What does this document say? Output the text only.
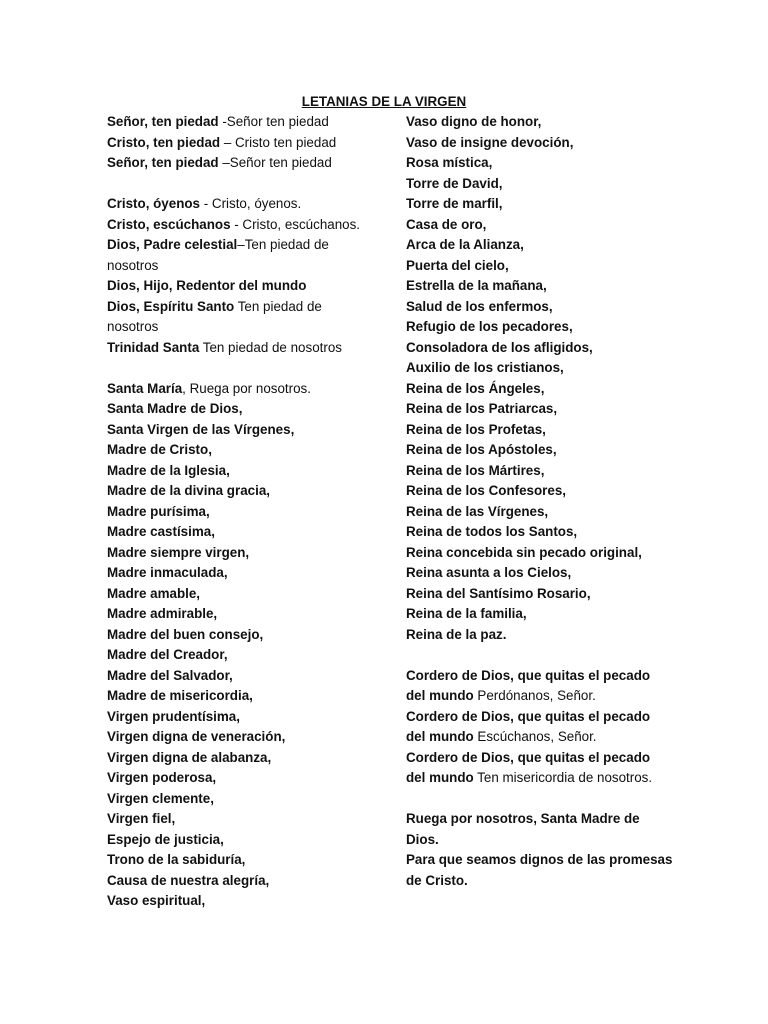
LETANIAS DE LA VIRGEN
Señor, ten piedad -Señor ten piedad
Cristo, ten piedad – Cristo ten piedad
Señor, ten piedad –Señor ten piedad
Cristo, óyenos - Cristo, óyenos.
Cristo, escúchanos - Cristo, escúchanos.
Dios, Padre celestial–Ten piedad de
nosotros
Dios, Hijo, Redentor del mundo
Dios, Espíritu Santo Ten piedad de
nosotros
Trinidad Santa Ten piedad de nosotros
Santa María, Ruega por nosotros.
Santa Madre de Dios,
Santa Virgen de las Vírgenes,
Madre de Cristo,
Madre de la Iglesia,
Madre de la divina gracia,
Madre purísima,
Madre castísima,
Madre siempre virgen,
Madre inmaculada,
Madre amable,
Madre admirable,
Madre del buen consejo,
Madre del Creador,
Madre del Salvador,
Madre de misericordia,
Virgen prudentísima,
Virgen digna de veneración,
Virgen digna de alabanza,
Virgen poderosa,
Virgen clemente,
Virgen fiel,
Espejo de justicia,
Trono de la sabiduría,
Causa de nuestra alegría,
Vaso espiritual,
Vaso digno de honor,
Vaso de insigne devoción,
Rosa mística,
Torre de David,
Torre de marfil,
Casa de oro,
Arca de la Alianza,
Puerta del cielo,
Estrella de la mañana,
Salud de los enfermos,
Refugio de los pecadores,
Consoladora de los afligidos,
Auxilio de los cristianos,
Reina de los Ángeles,
Reina de los Patriarcas,
Reina de los Profetas,
Reina de los Apóstoles,
Reina de los Mártires,
Reina de los Confesores,
Reina de las Vírgenes,
Reina de todos los Santos,
Reina concebida sin pecado original,
Reina asunta a los Cielos,
Reina del Santísimo Rosario,
Reina de la familia,
Reina de la paz.
Cordero de Dios, que quitas el pecado
del mundo Perdónanos, Señor.
Cordero de Dios, que quitas el pecado
del mundo Escúchanos, Señor.
Cordero de Dios, que quitas el pecado
del mundo Ten misericordia de nosotros.
Ruega por nosotros, Santa Madre de
Dios.
Para que seamos dignos de las promesas
de Cristo.
